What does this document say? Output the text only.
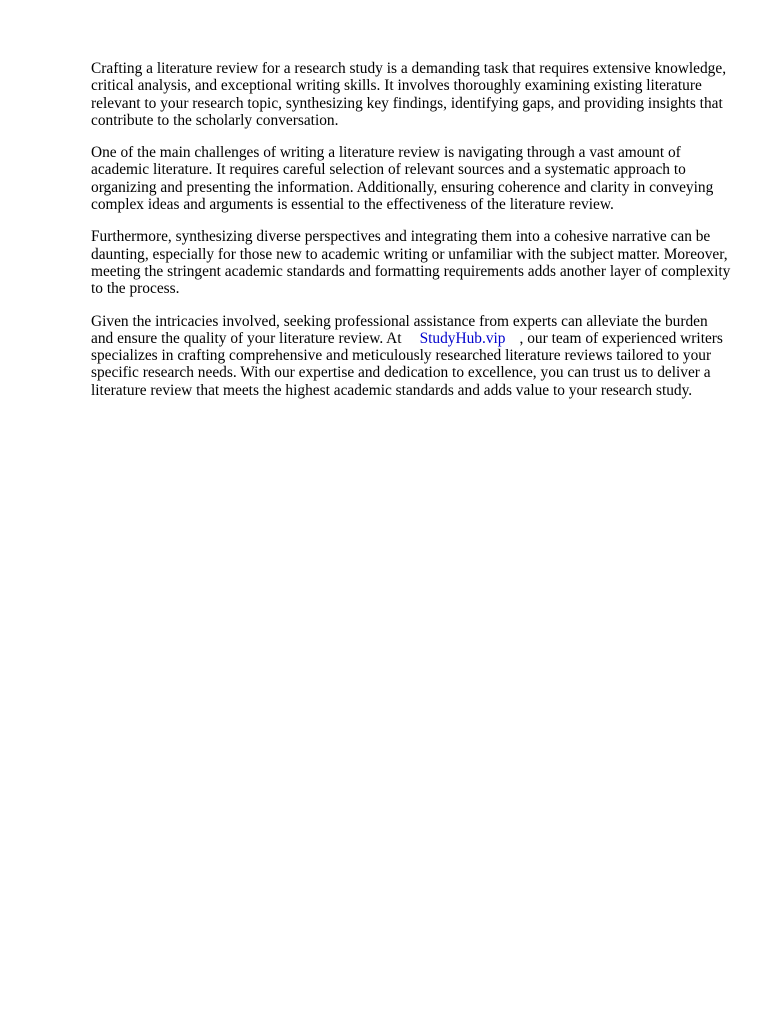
Crafting a literature review for a research study is a demanding task that requires extensive knowledge, critical analysis, and exceptional writing skills. It involves thoroughly examining existing literature relevant to your research topic, synthesizing key findings, identifying gaps, and providing insights that contribute to the scholarly conversation.

One of the main challenges of writing a literature review is navigating through a vast amount of academic literature. It requires careful selection of relevant sources and a systematic approach to organizing and presenting the information. Additionally, ensuring coherence and clarity in conveying complex ideas and arguments is essential to the effectiveness of the literature review.

Furthermore, synthesizing diverse perspectives and integrating them into a cohesive narrative can be daunting, especially for those new to academic writing or unfamiliar with the subject matter. Moreover, meeting the stringent academic standards and formatting requirements adds another layer of complexity to the process.

Given the intricacies involved, seeking professional assistance from experts can alleviate the burden and ensure the quality of your literature review. At StudyHub.vip , our team of experienced writers specializes in crafting comprehensive and meticulously researched literature reviews tailored to your specific research needs. With our expertise and dedication to excellence, you can trust us to deliver a literature review that meets the highest academic standards and adds value to your research study.
